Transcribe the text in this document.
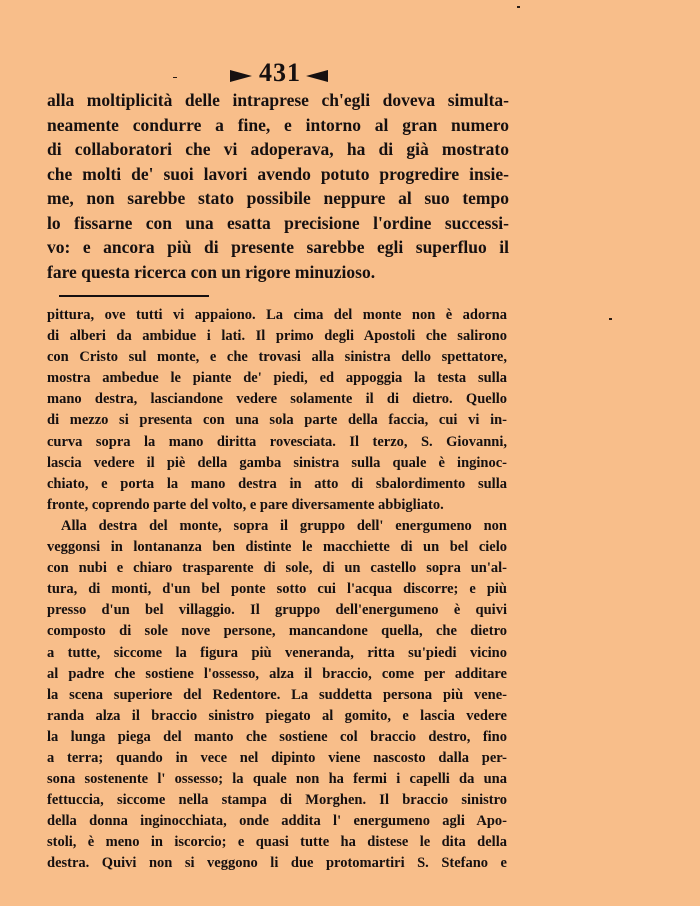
431
alla moltiplicità delle intraprese ch'egli doveva simulta-
neamente condurre a fine, e intorno al gran numero
di collaboratori che vi adoperava, ha di già mostrato
che molti de' suoi lavori avendo potuto progredire insie-
me, non sarebbe stato possibile neppure al suo tempo
lo fissarne con una esatta precisione l'ordine successi-
vo: e ancora più di presente sarebbe egli superfluo il
fare questa ricerca con un rigore minuzioso.
pittura, ove tutti vi appaiono. La cima del monte non è adorna
di alberi da ambidue i lati. Il primo degli Apostoli che salirono
con Cristo sul monte, e che trovasi alla sinistra dello spettatore,
mostra ambedue le piante de' piedi, ed appoggia la testa sulla
mano destra, lasciandone vedere solamente il di dietro. Quello
di mezzo si presenta con una sola parte della faccia, cui vi in-
curva sopra la mano diritta rovesciata. Il terzo, S. Giovanni,
lascia vedere il piè della gamba sinistra sulla quale è inginoc-
chiato, e porta la mano destra in atto di sbalordimento sulla
fronte, coprendo parte del volto, e pare diversamente abbigliato.
Alla destra del monte, sopra il gruppo dell' energumeno non
veggonsi in lontananza ben distinte le macchiette di un bel cielo
con nubi e chiaro trasparente di sole, di un castello sopra un'al-
tura, di monti, d'un bel ponte sotto cui l'acqua discorre; e più
presso d'un bel villaggio. Il gruppo dell'energumeno è quivi
composto di sole nove persone, mancandone quella, che dietro
a tutte, siccome la figura più veneranda, ritta su'piedi vicino
al padre che sostiene l'ossesso, alza il braccio, come per additare
la scena superiore del Redentore. La suddetta persona più vene-
randa alza il braccio sinistro piegato al gomito, e lascia vedere
la lunga piega del manto che sostiene col braccio destro, fino
a terra; quando in vece nel dipinto viene nascosto dalla per-
sona sostenente l' ossesso; la quale non ha fermi i capelli da una
fettuccia, siccome nella stampa di Morghen. Il braccio sinistro
della donna inginocchiata, onde addita l' energumeno agli Apo-
stoli, è meno in iscorcio; e quasi tutte ha distese le dita della
destra. Quivi non si veggono li due protomartiri S. Stefano e
